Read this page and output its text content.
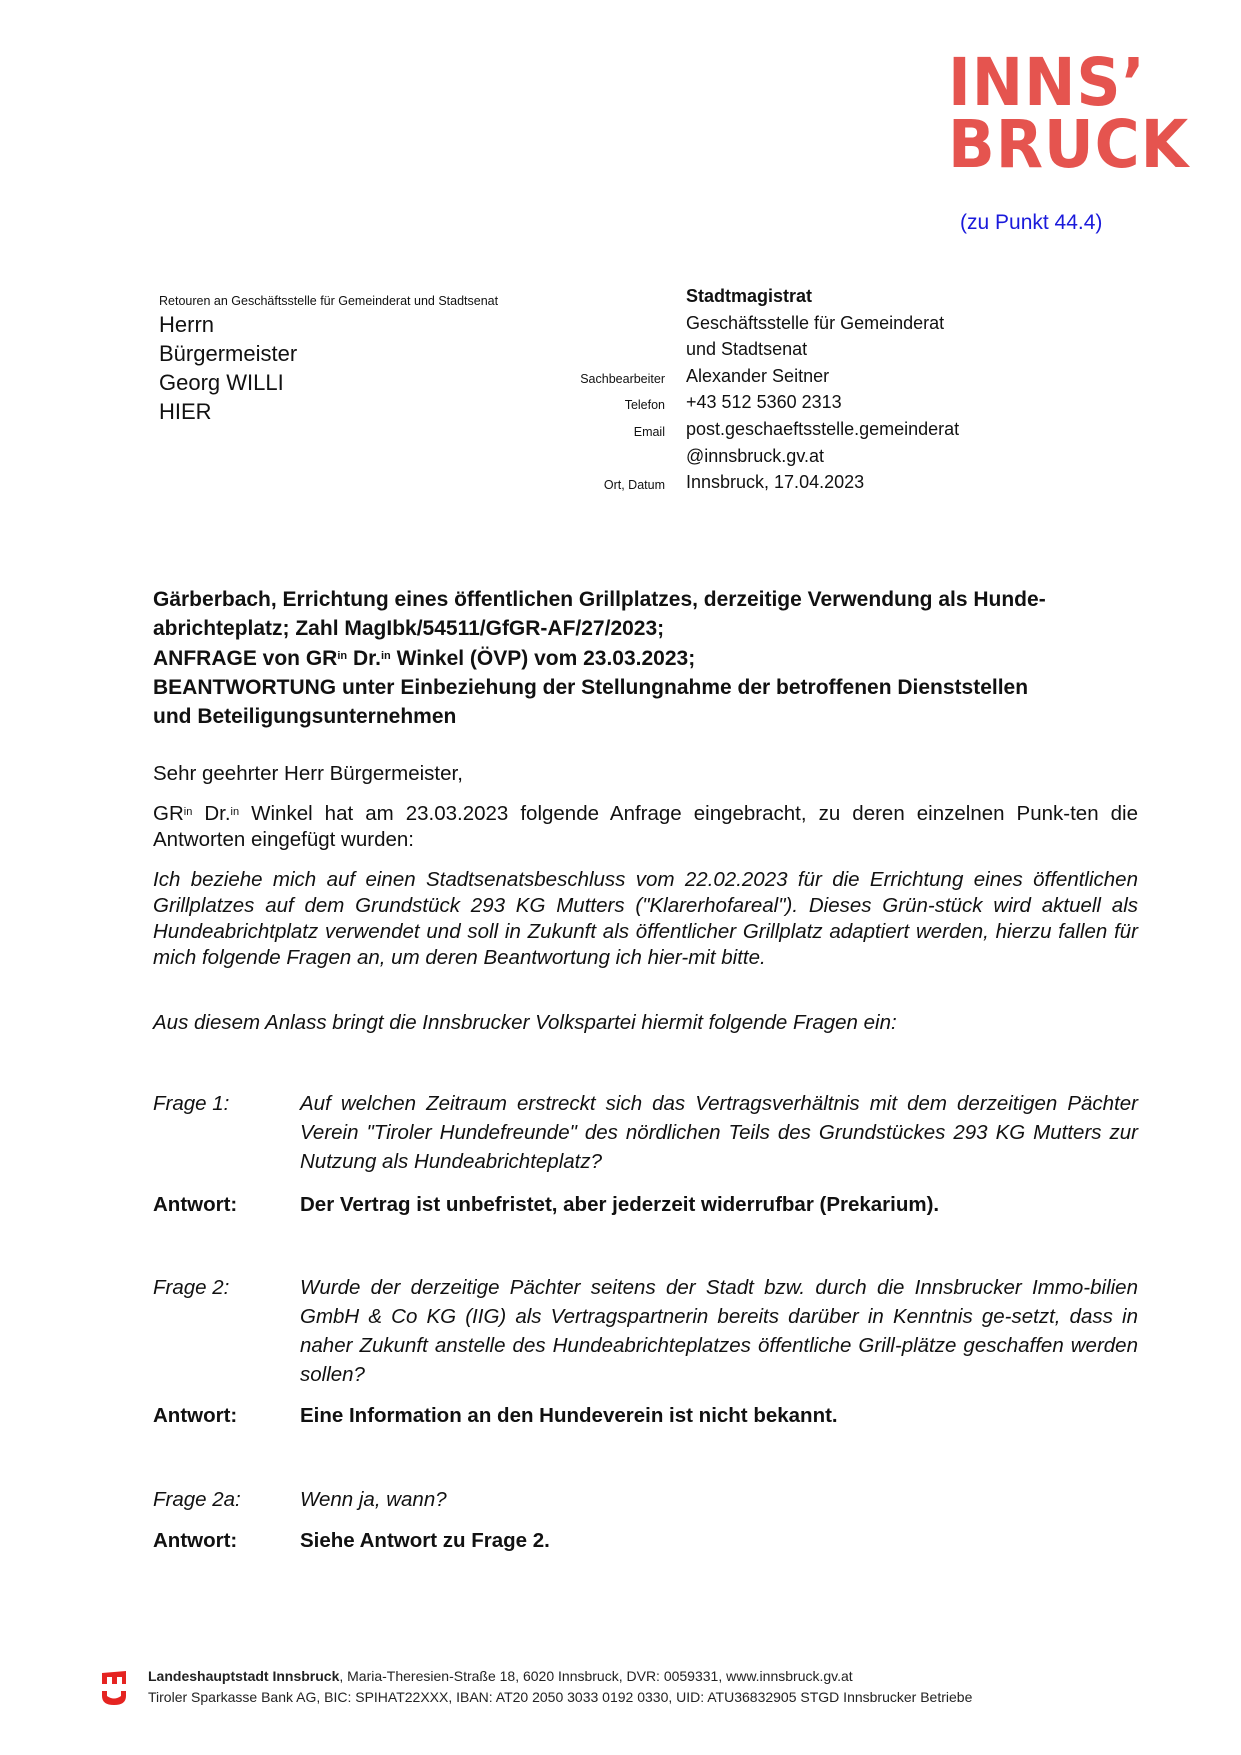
INNS’
BRUCK
(zu Punkt 44.4)
Retouren an Geschäftsstelle für Gemeinderat und Stadtsenat
Herrn
Bürgermeister
Georg WILLI
HIER
Stadtmagistrat
Geschäftsstelle für Gemeinderat
und Stadtsenat
Sachbearbeiter	Alexander Seitner
Telefon	+43 512 5360 2313
Email	post.geschaeftsstelle.gemeinderat
@innsbruck.gv.at
Ort, Datum	Innsbruck, 17.04.2023
Gärberbach, Errichtung eines öffentlichen Grillplatzes, derzeitige Verwendung als Hunde-
abrichteplatz; Zahl MagIbk/54511/GfGR-AF/27/2023;
ANFRAGE von $GR^{in}$ Dr.$^{in}$ Winkel (ÖVP) vom 23.03.2023;
BEANTWORTUNG unter Einbeziehung der Stellungnahme der betroffenen Dienststellen
und Beteiligungsunternehmen
Sehr geehrter Herr Bürgermeister,
$GR^{in}$ Dr.$^{in}$ Winkel hat am 23.03.2023 folgende Anfrage eingebracht, zu deren einzelnen Punk-ten die Antworten eingefügt wurden:
Ich beziehe mich auf einen Stadtsenatsbeschluss vom 22.02.2023 für die Errichtung eines öffentlichen Grillplatzes auf dem Grundstück 293 KG Mutters ("Klarerhofareal"). Dieses Grün-stück wird aktuell als Hundeabrichtplatz verwendet und soll in Zukunft als öffentlicher Grillplatz adaptiert werden, hierzu fallen für mich folgende Fragen an, um deren Beantwortung ich hier-mit bitte.
Aus diesem Anlass bringt die Innsbrucker Volkspartei hiermit folgende Fragen ein:
Frage 1:	Auf welchen Zeitraum erstreckt sich das Vertragsverhältnis mit dem derzeitigen Pächter Verein "Tiroler Hundefreunde" des nördlichen Teils des Grundstückes 293 KG Mutters zur Nutzung als Hundeabrichteplatz?
Antwort:	Der Vertrag ist unbefristet, aber jederzeit widerrufbar (Prekarium).
Frage 2:	Wurde der derzeitige Pächter seitens der Stadt bzw. durch die Innsbrucker Immo-bilien GmbH & Co KG (IIG) als Vertragspartnerin bereits darüber in Kenntnis ge-setzt, dass in naher Zukunft anstelle des Hundeabrichteplatzes öffentliche Grill-plätze geschaffen werden sollen?
Antwort:	Eine Information an den Hundeverein ist nicht bekannt.
Frage 2a:	Wenn ja, wann?
Antwort:	Siehe Antwort zu Frage 2.
Landeshauptstadt Innsbruck, Maria-Theresien-Straße 18, 6020 Innsbruck, DVR: 0059331, www.innsbruck.gv.at
Tiroler Sparkasse Bank AG, BIC: SPIHAT22XXX, IBAN: AT20 2050 3033 0192 0330, UID: ATU36832905 STGD Innsbrucker Betriebe
